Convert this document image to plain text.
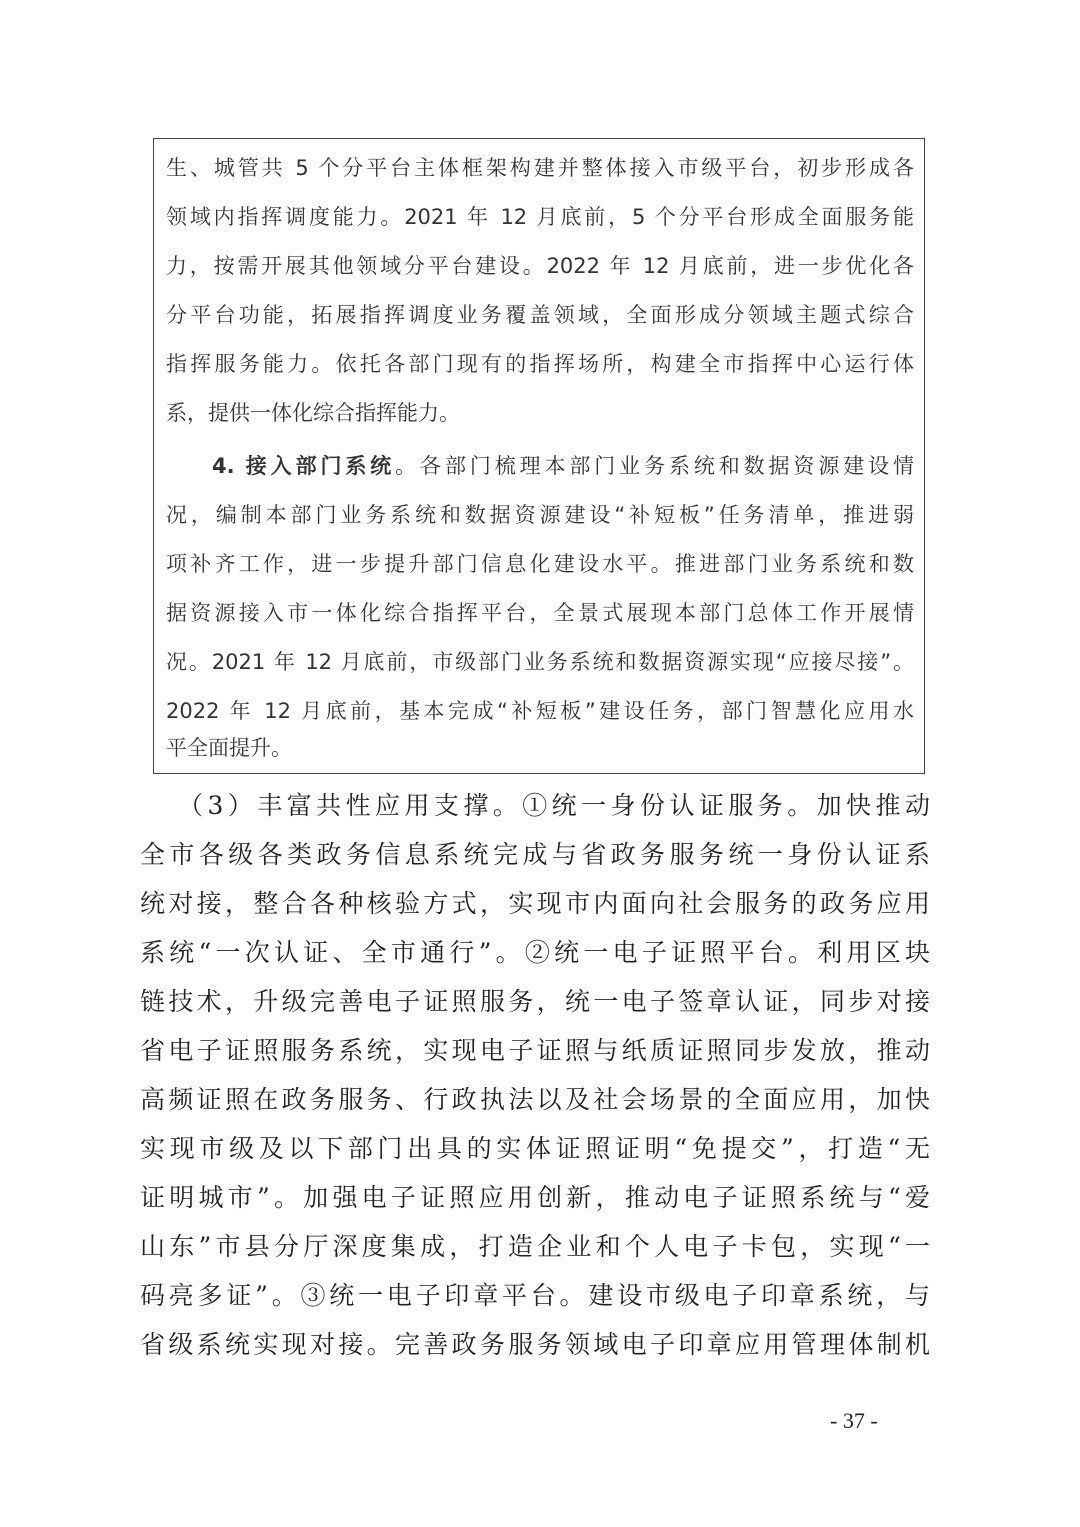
生、城管共 5 个分平台主体框架构建并整体接入市级平台，初步形成各
领域内指挥调度能力。2021 年 12 月底前，5 个分平台形成全面服务能
力，按需开展其他领域分平台建设。2022 年 12 月底前，进一步优化各
分平台功能，拓展指挥调度业务覆盖领域，全面形成分领域主题式综合
指挥服务能力。依托各部门现有的指挥场所，构建全市指挥中心运行体
系，提供一体化综合指挥能力。
4. 接入部门系统。各部门梳理本部门业务系统和数据资源建设情
况，编制本部门业务系统和数据资源建设“补短板”任务清单，推进弱
项补齐工作，进一步提升部门信息化建设水平。推进部门业务系统和数
据资源接入市一体化综合指挥平台，全景式展现本部门总体工作开展情
况。2021 年 12 月底前，市级部门业务系统和数据资源实现“应接尽接”。
2022 年 12 月底前，基本完成“补短板”建设任务，部门智慧化应用水
平全面提升。
（3）丰富共性应用支撑。①统一身份认证服务。加快推动
全市各级各类政务信息系统完成与省政务服务统一身份认证系
统对接，整合各种核验方式，实现市内面向社会服务的政务应用
系统“一次认证、全市通行”。②统一电子证照平台。利用区块
链技术，升级完善电子证照服务，统一电子签章认证，同步对接
省电子证照服务系统，实现电子证照与纸质证照同步发放，推动
高频证照在政务服务、行政执法以及社会场景的全面应用，加快
实现市级及以下部门出具的实体证照证明“免提交”，打造“无
证明城市”。加强电子证照应用创新，推动电子证照系统与“爱
山东”市县分厅深度集成，打造企业和个人电子卡包，实现“一
码亮多证”。③统一电子印章平台。建设市级电子印章系统，与
省级系统实现对接。完善政务服务领域电子印章应用管理体制机
- 37 -
